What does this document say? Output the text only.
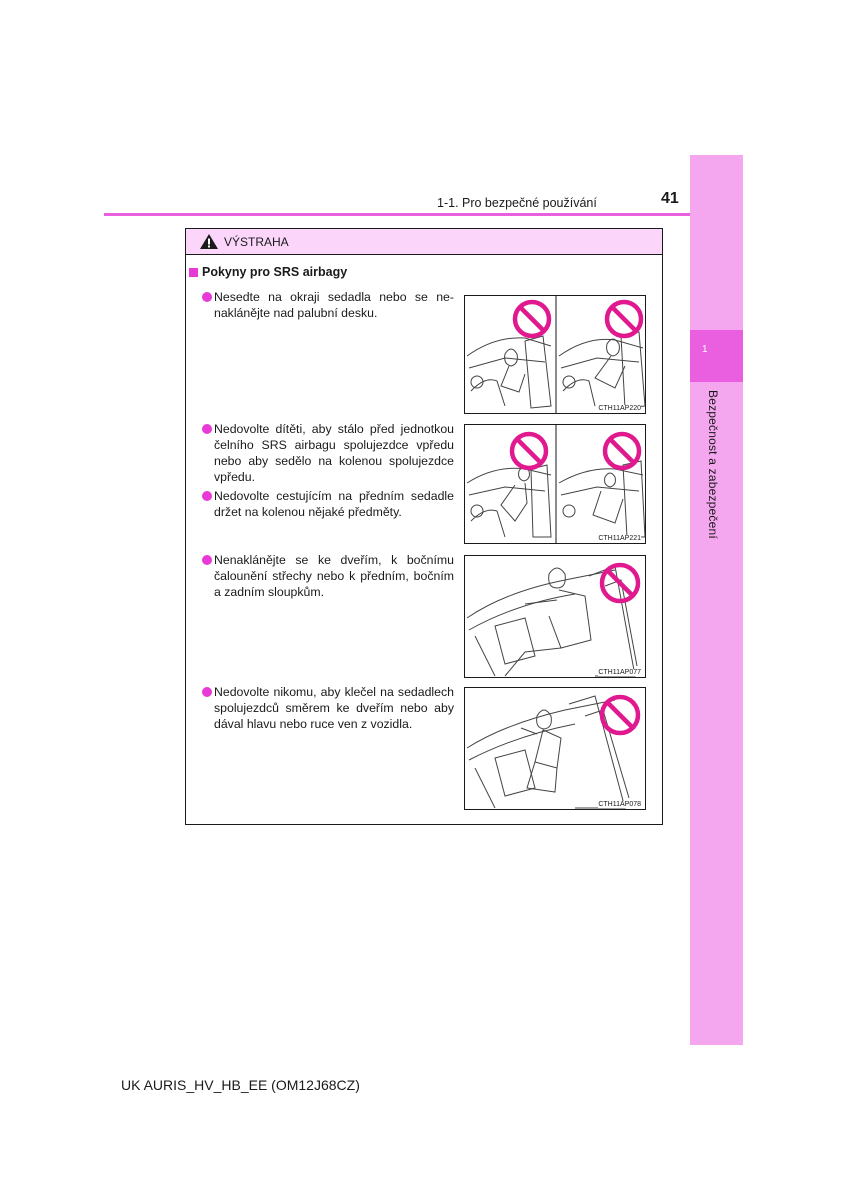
1
Bezpečnost a zabezpečení
1-1. Pro bezpečné používání	41
VÝSTRAHA
Pokyny pro SRS airbagy
Nesedte na okraji sedadla nebo se nenaklánějte nad palubní desku.
Nedovolte dítěti, aby stálo před jednotkou čelního SRS airbagu spolujezdce vpředu nebo aby sedělo na kolenou spolujezdce vpředu.
Nedovolte cestujícím na předním sedadle držet na kolenou nějaké předměty.
Nenaklánějte se ke dveřím, k bočnímu čalounění střechy nebo k předním, bočním a zadním sloupkům.
Nedovolte nikomu, aby klečel na sedadlech spolujezdců směrem ke dveřím nebo aby dával hlavu nebo ruce ven z vozidla.
CTH11AP220
CTH11AP221
CTH11AP077
CTH11AP078
UK AURIS_HV_HB_EE (OM12J68CZ)
